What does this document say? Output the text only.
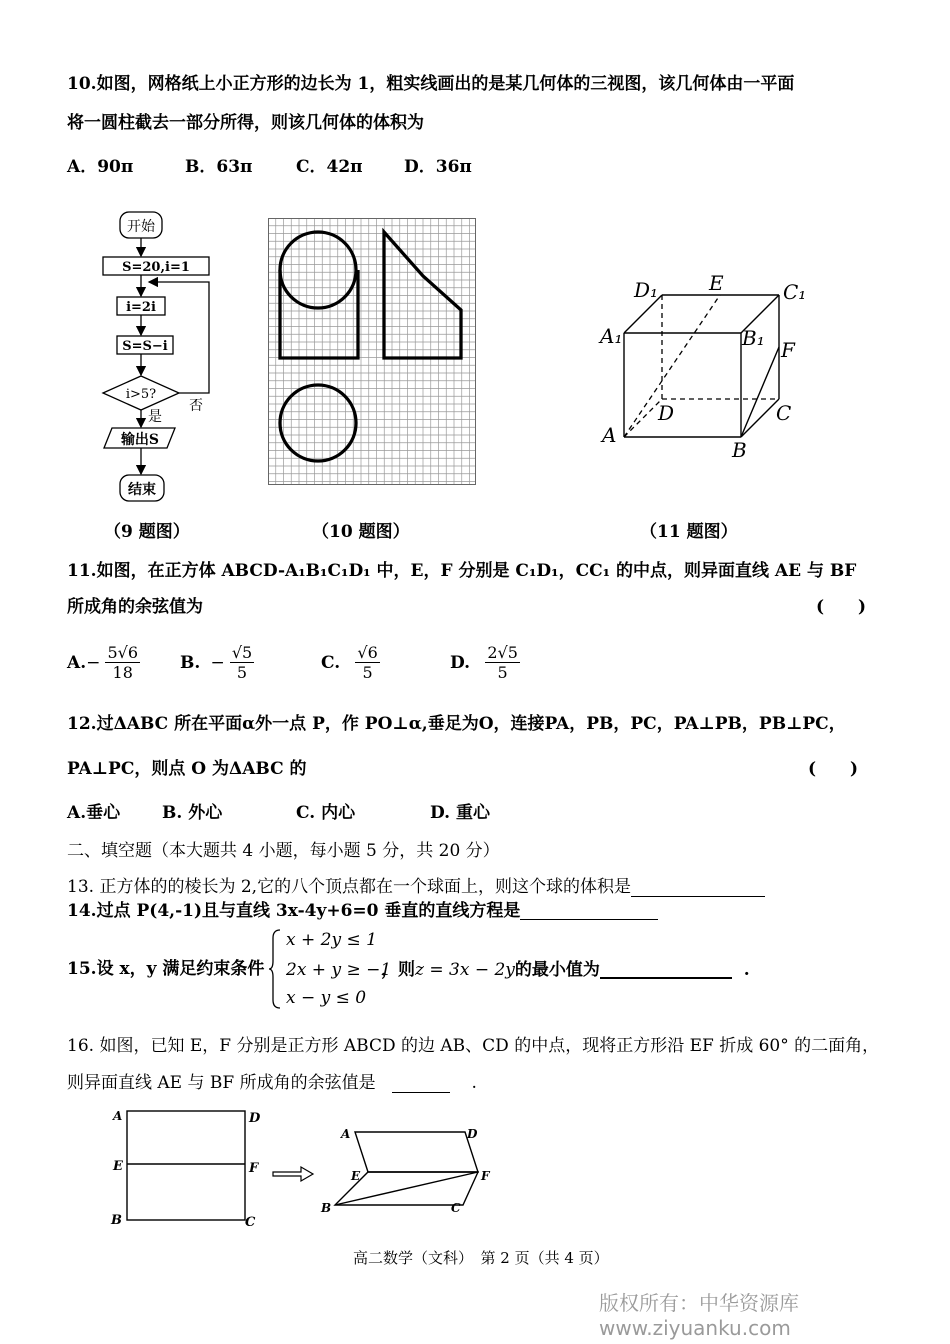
10.如图，网格纸上小正方形的边长为 1，粗实线画出的是某几何体的三视图，该几何体由一平面
将一圆柱截去一部分所得，则该几何体的体积为
A．90π	B．63π	C．42π D．36π
开始
S=20,i=1
i=2i
S=S−i
i>5?
否
是
输出S
结束
D₁	E	C₁
A₁	B₁ F
D	C
A
B
（9 题图）	（10 题图）	（11 题图）
11.如图，在正方体 ABCD-A₁B₁C₁D₁ 中，E，F 分别是 C₁D₁，CC₁ 的中点，则异面直线 AE 与 BF
所成角的余弦值为	(　　)
$A.- \frac{5√6}{18} B$. − $\frac{√5}{5}$	C. $\frac{√6}{5}$	D. $\frac{2√5}{5}$
12.过ΔABC 所在平面α外一点 P，作 PO⊥α,垂足为O，连接PA，PB，PC，PA⊥PB，PB⊥PC，
PA⊥PC，则点 O 为ΔABC 的	(　　)
A.垂心 B. 外心	C. 内心	D. 重心
二、填空题（本大题共 4 小题，每小题 5 分，共 20 分）
13. 正方体的的棱长为 2,它的八个顶点都在一个球面上，则这个球的体积是
14.过点 P(4,-1)且与直线 3x-4y+6=0 垂直的直线方程是
15.设 x，y 满足约束条件
x + 2y ≤ 1
2x + y ≥ −1
x − y ≤ 0
，则z = 3x − 2y的最小值为	.
16. 如图，已知 E，F 分别是正方形 ABCD 的边 AB、CD 的中点，现将正方形沿 EF 折成 60° 的二面角，
则异面直线 AE 与 BF 所成角的余弦值是	.
A	D
E	F
B	C
A	D
E	F
B	C
高二数学（文科）　第 2 页（共 4 页）
版权所有：中华资源库 www.ziyuanku.com
